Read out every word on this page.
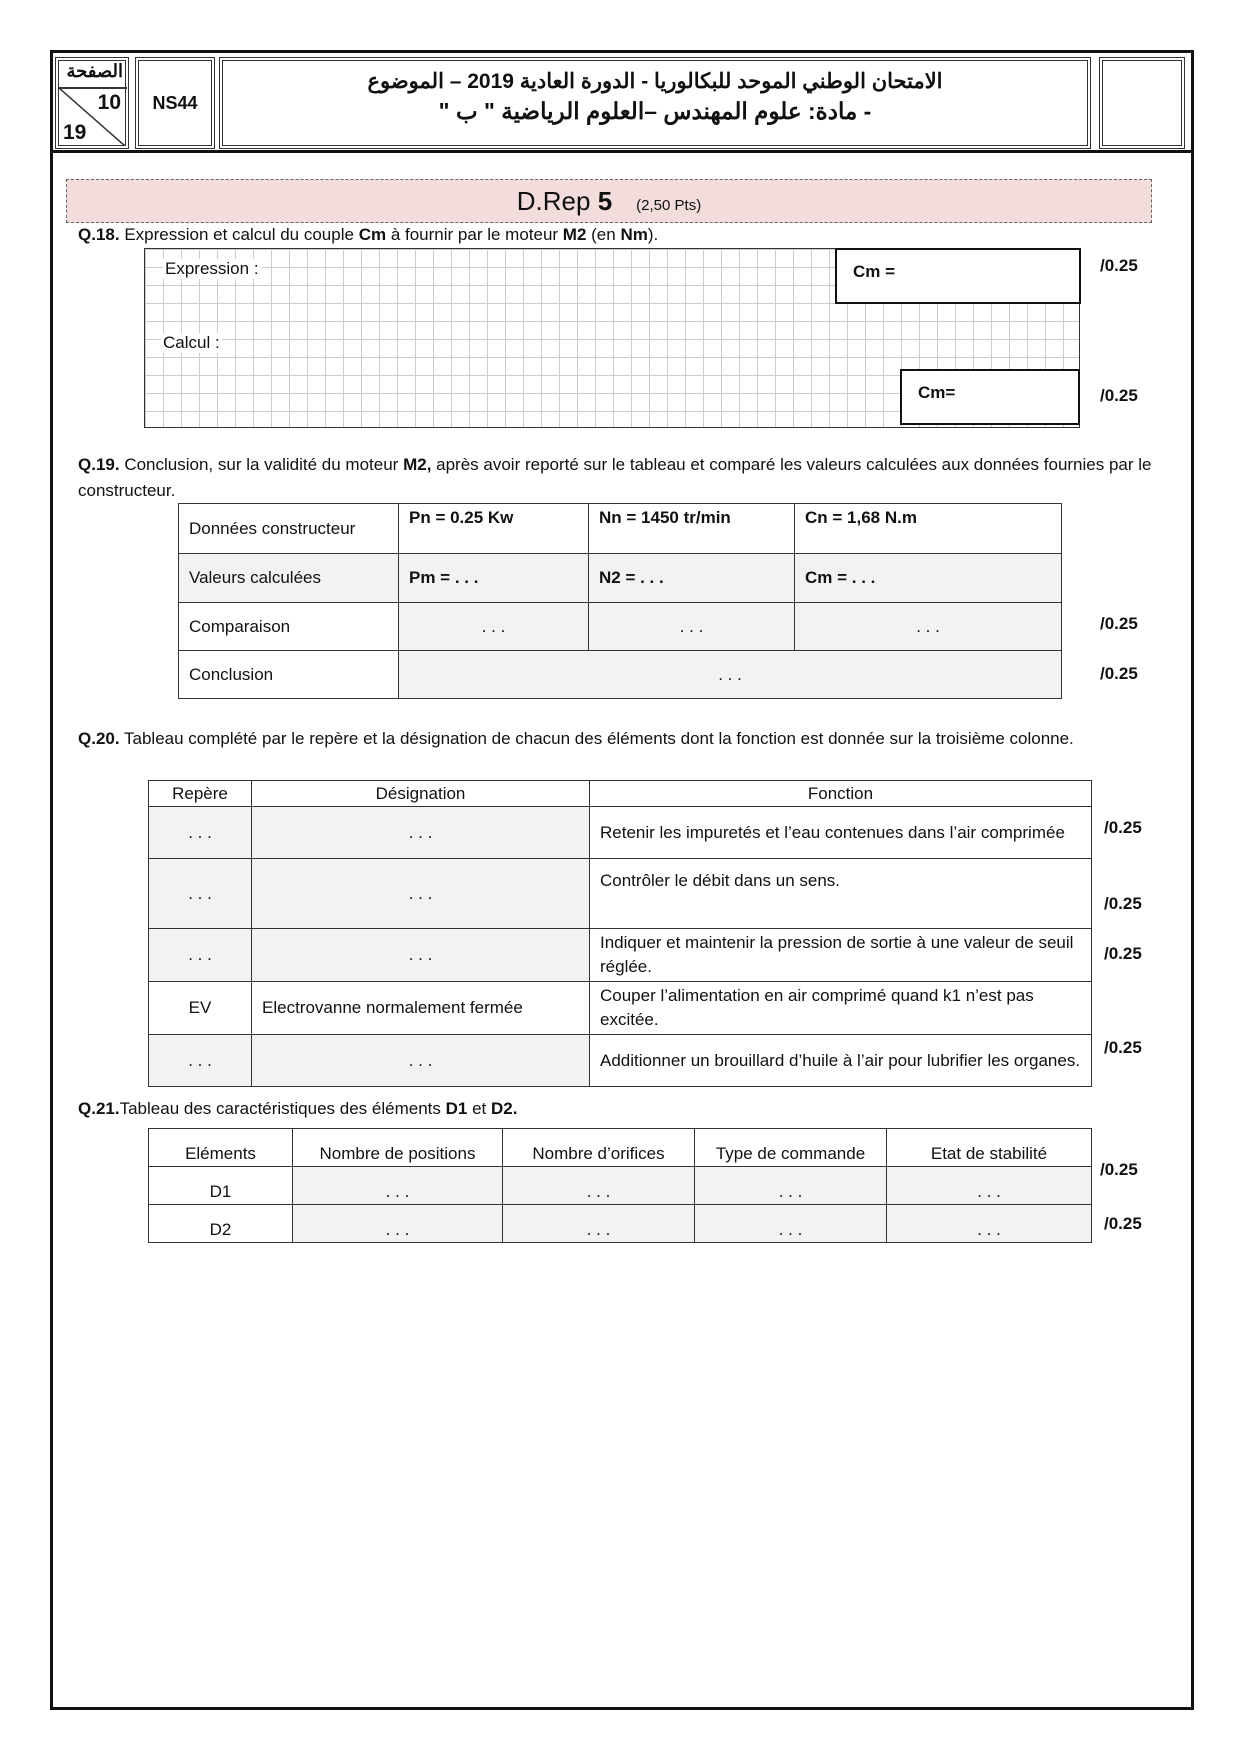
الصفحة
10
19
NS44
الامتحان الوطني الموحد للبكالوريا - الدورة العادية 2019 – الموضوع
- مادة: علوم المهندس –العلوم الرياضية " ب "
D.Rep 5 (2,50 Pts)
Q.18. Expression et calcul du couple Cm à fournir par le moteur M2 (en Nm).
Expression :
Calcul :
Cm =
Cm=
/0.25
/0.25
Q.19. Conclusion, sur la validité du moteur M2, après avoir reporté sur le tableau et comparé les valeurs calculées aux données fournies par le constructeur.
Données constructeur	Pn = 0.25 Kw	Nn = 1450 tr/min	Cn = 1,68 N.m
Valeurs calculées	Pm = . . .	N2 = . . .	Cm = . . .
Comparaison	. . .	. . .	. . .
Conclusion	. . .		
/0.25
/0.25
Q.20. Tableau complété par le repère et la désignation de chacun des éléments dont la fonction est donnée sur la troisième colonne.
Repère	Désignation	Fonction
. . .	. . .	Retenir les impuretés et l’eau contenues dans l’air comprimée
. . .	. . .	Contrôler le débit dans un sens.
. . .	. . .	Indiquer et maintenir la pression de sortie à une valeur de seuil réglée.
EV	Electrovanne normalement fermée	Couper l’alimentation en air comprimé quand k1 n’est pas excitée.
. . .	. . .	Additionner un brouillard d’huile à l’air pour lubrifier les organes.
/0.25
/0.25
/0.25
/0.25
Q.21.Tableau des caractéristiques des éléments D1 et D2.
Eléments	Nombre de positions	Nombre d’orifices	Type de commande	Etat de stabilité
D1	. . .	. . .	. . .	. . .
D2	. . .	. . .	. . .	. . .
/0.25
/0.25
